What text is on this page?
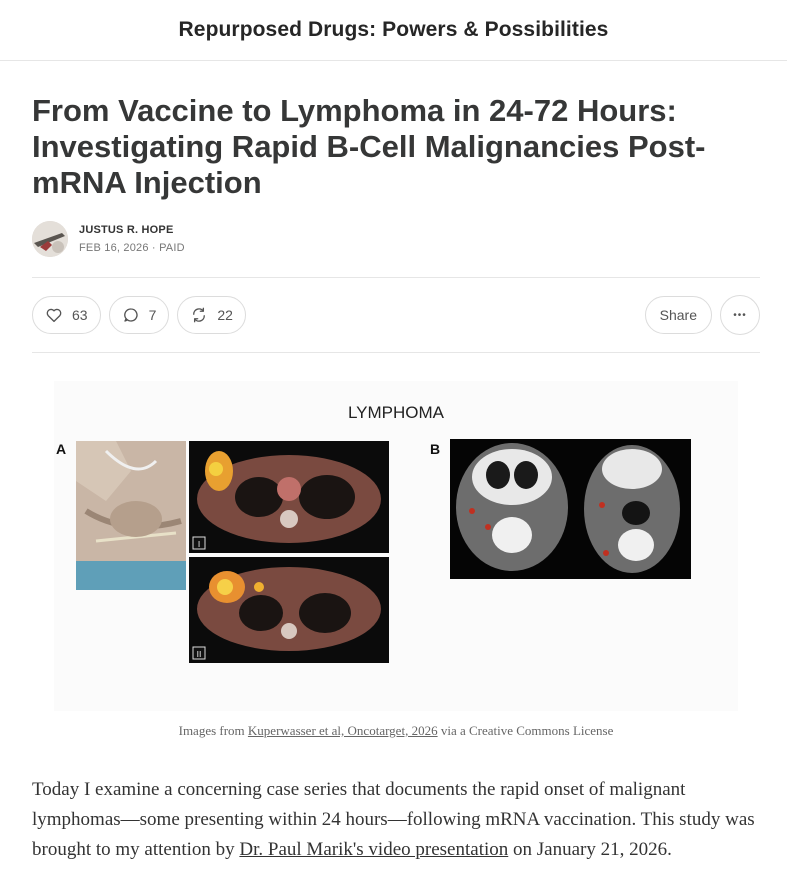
Repurposed Drugs: Powers & Possibilities
From Vaccine to Lymphoma in 24-72 Hours: Investigating Rapid B-Cell Malignancies Post-mRNA Injection
JUSTUS R. HOPE
FEB 16, 2026 · PAID
63	7	22	Share	•••
LYMPHOMA
A	B
I
II
Images from Kuperwasser et al, Oncotarget, 2026 via a Creative Commons License

Today I examine a concerning case series that documents the rapid onset of malignant lymphomas—some presenting within 24 hours—following mRNA vaccination. This study was brought to my attention by Dr. Paul Marik's video presentation on January 21, 2026.
